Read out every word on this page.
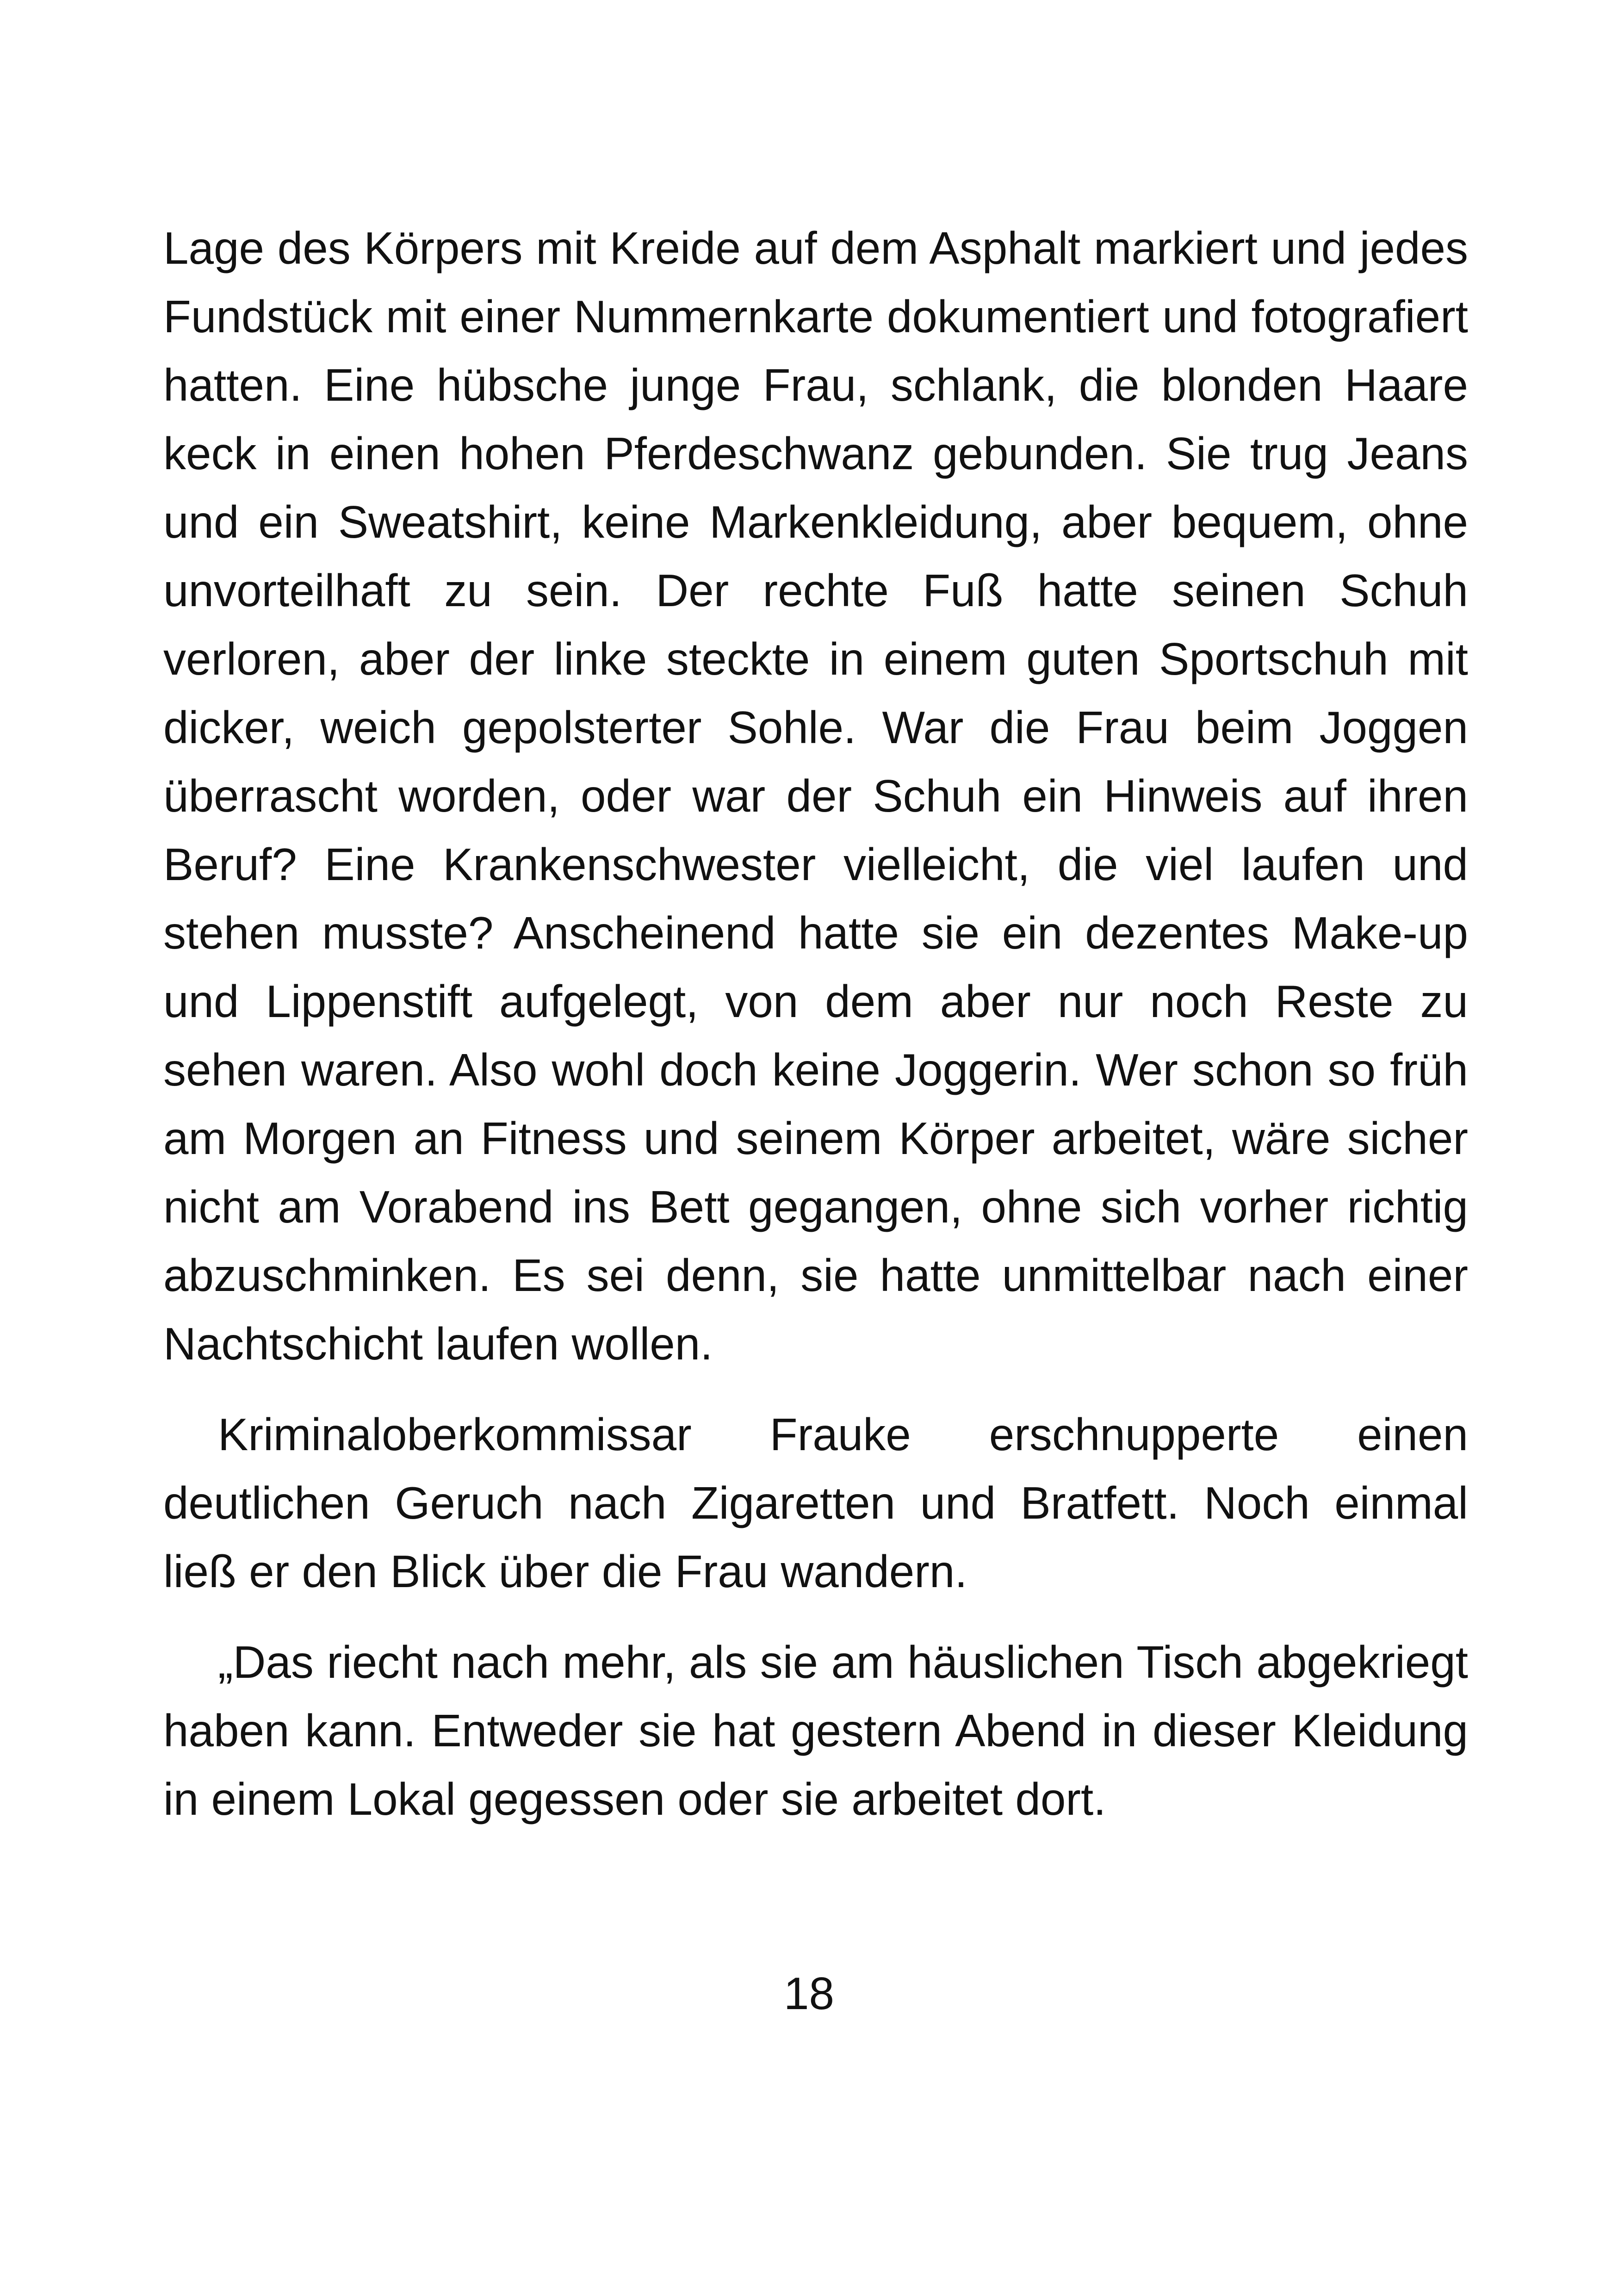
Lage des Körpers mit Kreide auf dem Asphalt markiert und jedes Fundstück mit einer Nummernkarte dokumentiert und fotografiert hatten. Eine hübsche junge Frau, schlank, die blonden Haare keck in einen hohen Pferdeschwanz gebunden. Sie trug Jeans und ein Sweatshirt, keine Markenkleidung, aber bequem, ohne unvorteilhaft zu sein. Der rechte Fuß hatte seinen Schuh verloren, aber der linke steckte in einem guten Sportschuh mit dicker, weich gepolsterter Sohle. War die Frau beim Joggen überrascht worden, oder war der Schuh ein Hinweis auf ihren Beruf? Eine Krankenschwester vielleicht, die viel laufen und stehen musste? Anscheinend hatte sie ein dezentes Make-up und Lippenstift aufgelegt, von dem aber nur noch Reste zu sehen waren. Also wohl doch keine Joggerin. Wer schon so früh am Morgen an Fitness und seinem Körper arbeitet, wäre sicher nicht am Vorabend ins Bett gegangen, ohne sich vorher richtig abzuschminken. Es sei denn, sie hatte unmittelbar nach einer Nachtschicht laufen wollen.

Kriminaloberkommissar Frauke erschnupperte einen deutlichen Geruch nach Zigaretten und Bratfett. Noch einmal ließ er den Blick über die Frau wandern.

„Das riecht nach mehr, als sie am häuslichen Tisch abgekriegt haben kann. Entweder sie hat gestern Abend in dieser Kleidung in einem Lokal gegessen oder sie arbeitet dort.

18
